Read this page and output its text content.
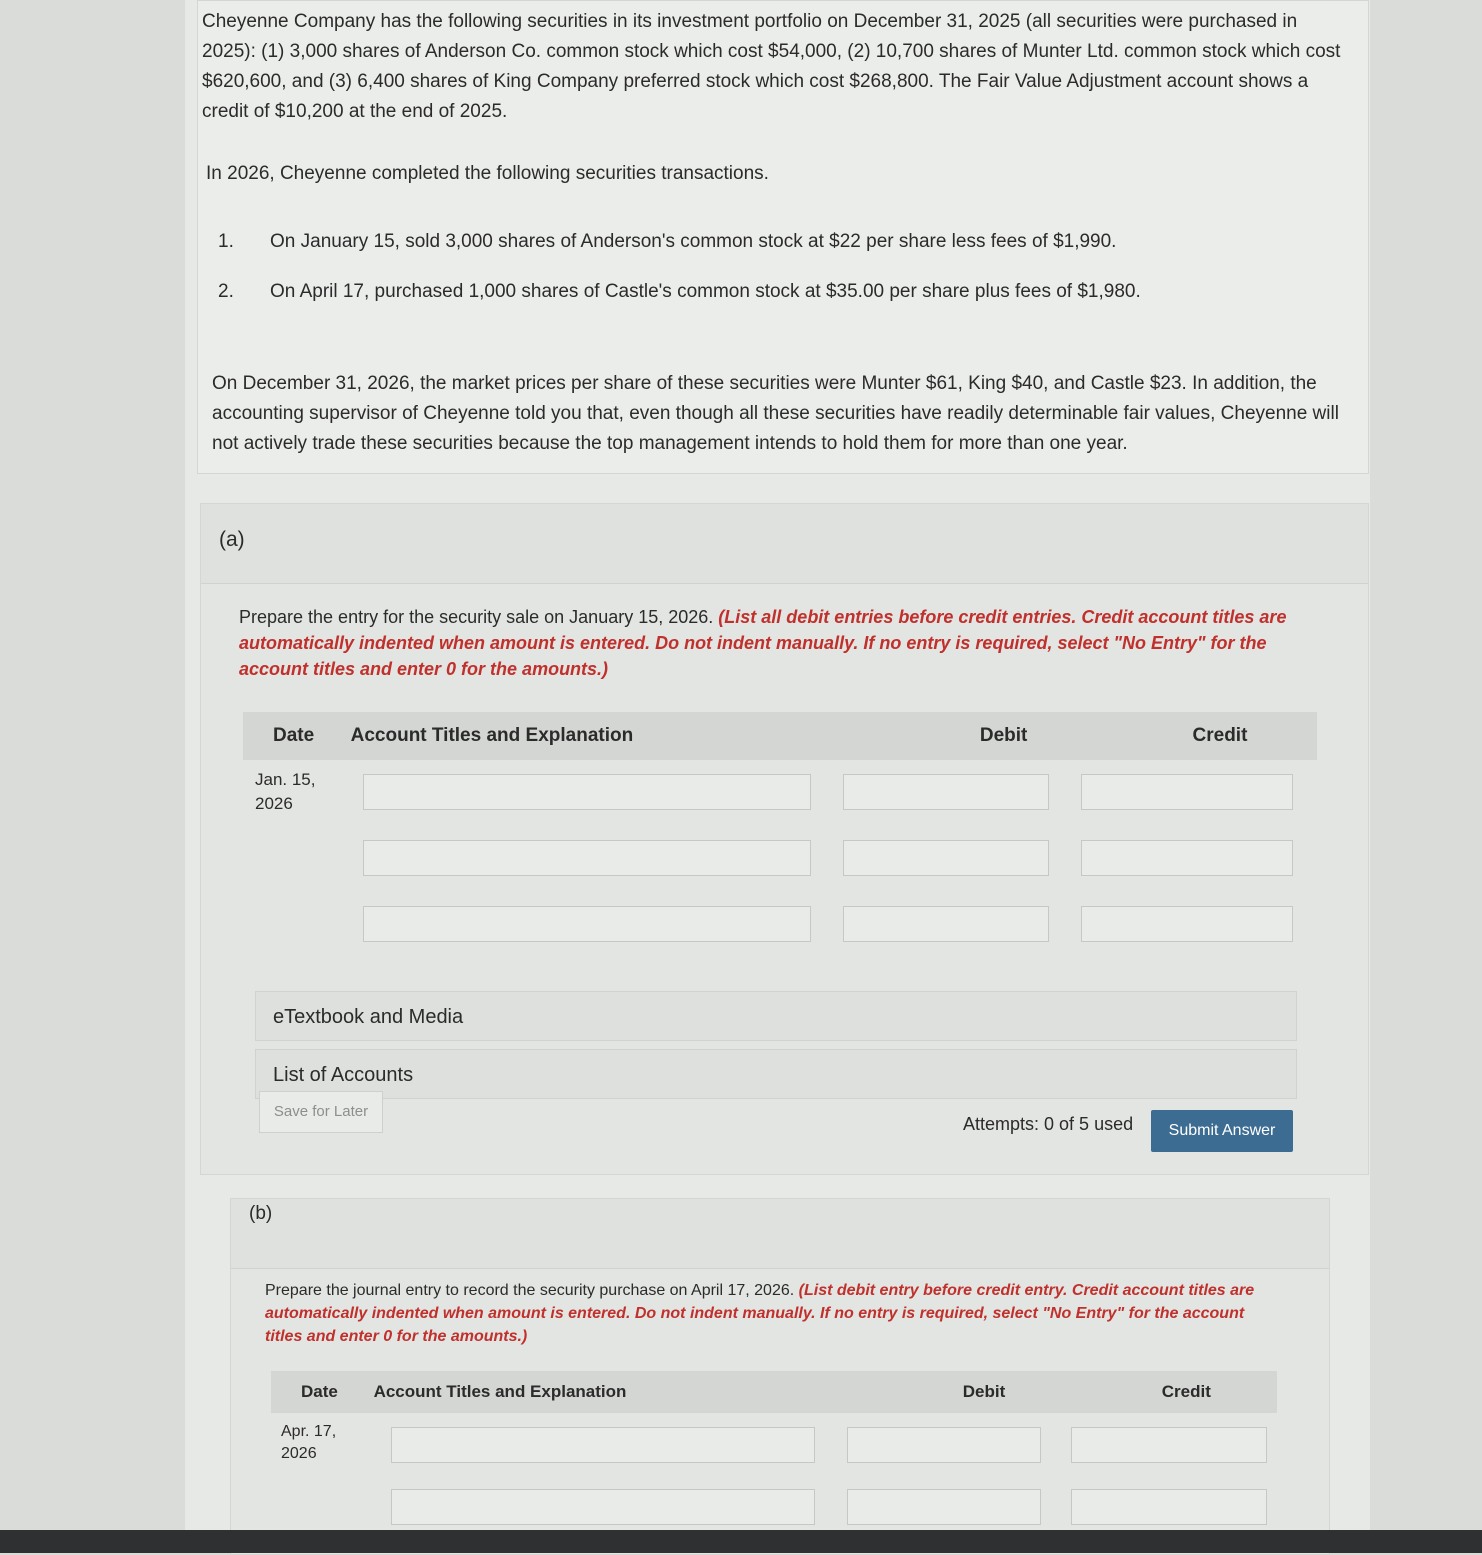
Cheyenne Company has the following securities in its investment portfolio on December 31, 2025 (all securities were purchased in 2025): (1) 3,000 shares of Anderson Co. common stock which cost $54,000, (2) 10,700 shares of Munter Ltd. common stock which cost $620,600, and (3) 6,400 shares of King Company preferred stock which cost $268,800. The Fair Value Adjustment account shows a credit of $10,200 at the end of 2025.

In 2026, Cheyenne completed the following securities transactions.

1.	On January 15, sold 3,000 shares of Anderson's common stock at $22 per share less fees of $1,990.
2.	On April 17, purchased 1,000 shares of Castle's common stock at $35.00 per share plus fees of $1,980.

On December 31, 2026, the market prices per share of these securities were Munter $61, King $40, and Castle $23. In addition, the accounting supervisor of Cheyenne told you that, even though all these securities have readily determinable fair values, Cheyenne will not actively trade these securities because the top management intends to hold them for more than one year.

(a)
Prepare the entry for the security sale on January 15, 2026. (List all debit entries before credit entries. Credit account titles are automatically indented when amount is entered. Do not indent manually. If no entry is required, select "No Entry" for the account titles and enter 0 for the amounts.)
Date	Account Titles and Explanation	Debit	Credit
Jan. 15,
2026
eTextbook and Media
List of Accounts
Save for Later
Attempts: 0 of 5 used	Submit Answer
(b)
Prepare the journal entry to record the security purchase on April 17, 2026. (List debit entry before credit entry. Credit account titles are automatically indented when amount is entered. Do not indent manually. If no entry is required, select "No Entry" for the account titles and enter 0 for the amounts.)
Date	Account Titles and Explanation	Debit	Credit
Apr. 17,
2026
